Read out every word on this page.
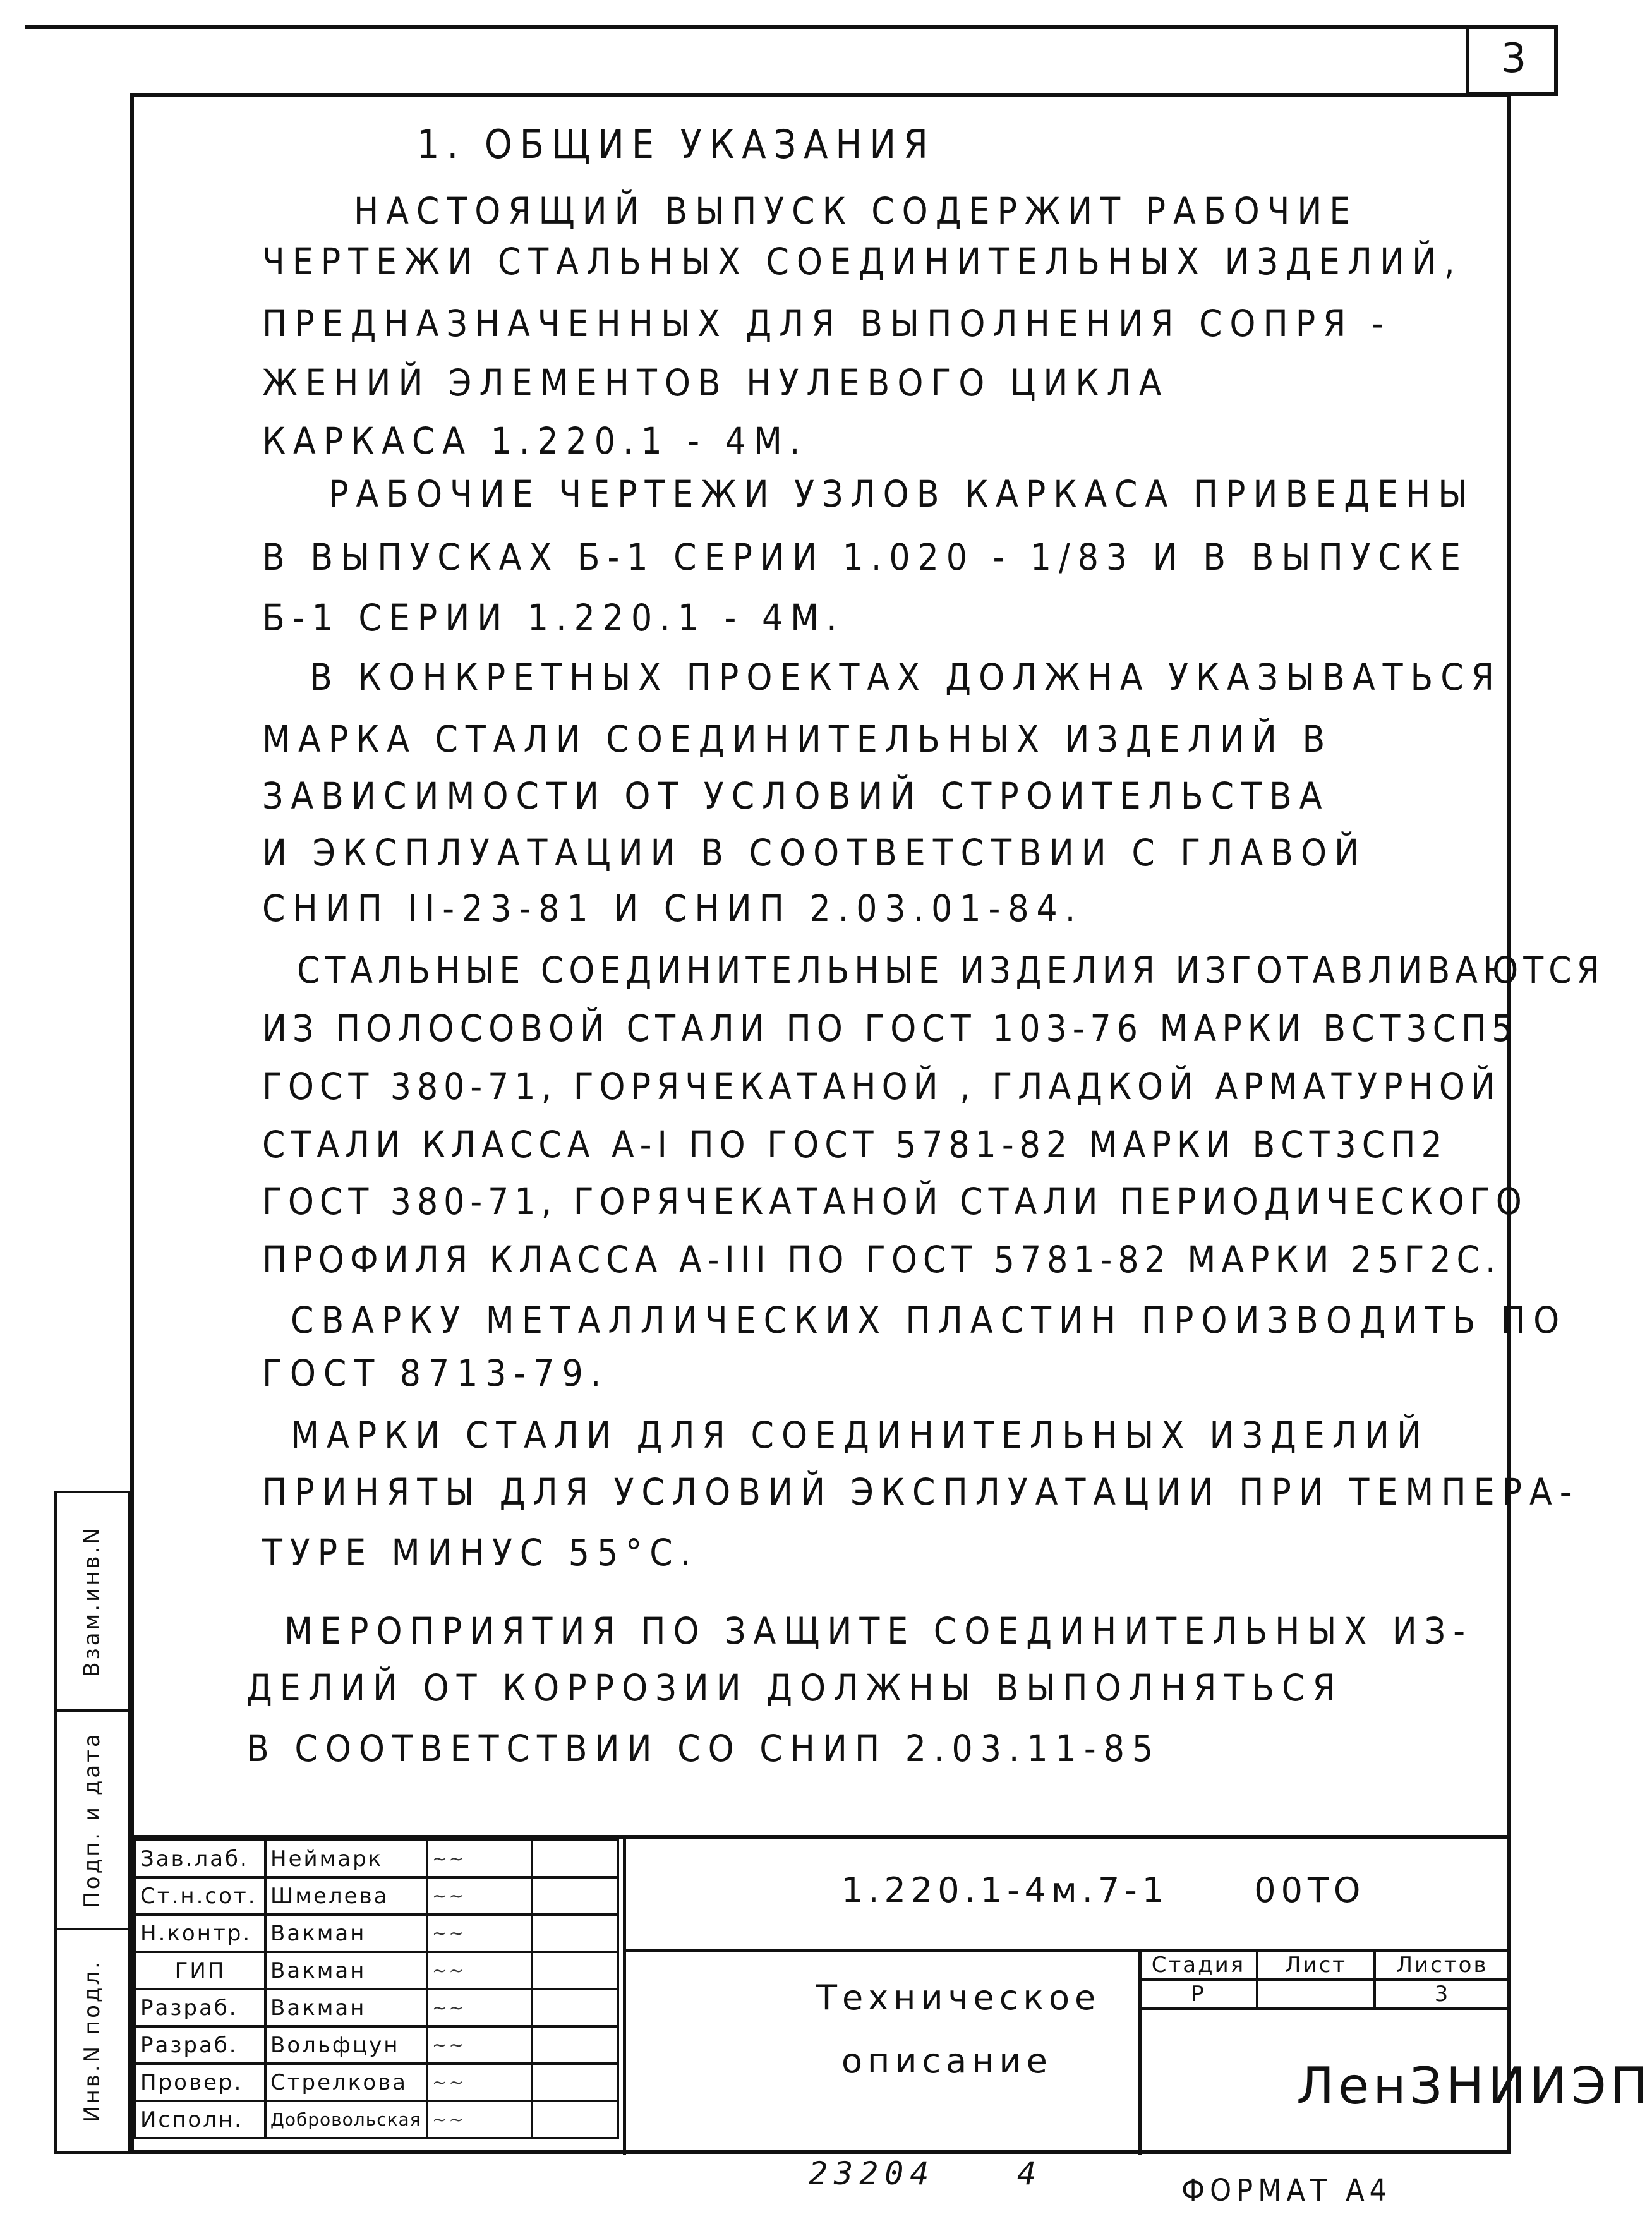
3
1. ОБЩИЕ УКАЗАНИЯ
НАСТОЯЩИЙ ВЫПУСК СОДЕРЖИТ РАБОЧИЕ
ЧЕРТЕЖИ СТАЛЬНЫХ СОЕДИНИТЕЛЬНЫХ ИЗДЕЛИЙ,
ПРЕДНАЗНАЧЕННЫХ ДЛЯ ВЫПОЛНЕНИЯ СОПРЯ -
ЖЕНИЙ ЭЛЕМЕНТОВ НУЛЕВОГО ЦИКЛА
КАРКАСА 1.220.1 - 4М.
РАБОЧИЕ ЧЕРТЕЖИ УЗЛОВ КАРКАСА ПРИВЕДЕНЫ
В ВЫПУСКАХ Б-1 СЕРИИ 1.020 - 1/83 И В ВЫПУСКЕ
Б-1 СЕРИИ 1.220.1 - 4М.
В КОНКРЕТНЫХ ПРОЕКТАХ ДОЛЖНА УКАЗЫВАТЬСЯ
МАРКА СТАЛИ СОЕДИНИТЕЛЬНЫХ ИЗДЕЛИЙ В
ЗАВИСИМОСТИ ОТ УСЛОВИЙ СТРОИТЕЛЬСТВА
И ЭКСПЛУАТАЦИИ В СООТВЕТСТВИИ С ГЛАВОЙ
СНИП II-23-81 И СНИП 2.03.01-84.
СТАЛЬНЫЕ СОЕДИНИТЕЛЬНЫЕ ИЗДЕЛИЯ ИЗГОТАВЛИВАЮТСЯ
ИЗ ПОЛОСОВОЙ СТАЛИ ПО ГОСТ 103-76 МАРКИ ВСТ3СП5
ГОСТ 380-71, ГОРЯЧЕКАТАНОЙ , ГЛАДКОЙ АРМАТУРНОЙ
СТАЛИ КЛАССА А-I ПО ГОСТ 5781-82 МАРКИ ВСТ3СП2
ГОСТ 380-71, ГОРЯЧЕКАТАНОЙ СТАЛИ ПЕРИОДИЧЕСКОГО
ПРОФИЛЯ КЛАССА А-III ПО ГОСТ 5781-82 МАРКИ 25Г2С.
СВАРКУ МЕТАЛЛИЧЕСКИХ ПЛАСТИН ПРОИЗВОДИТЬ ПО
ГОСТ 8713-79.
МАРКИ СТАЛИ ДЛЯ СОЕДИНИТЕЛЬНЫХ ИЗДЕЛИЙ
ПРИНЯТЫ ДЛЯ УСЛОВИЙ ЭКСПЛУАТАЦИИ ПРИ ТЕМПЕРА-
ТУРЕ МИНУС 55°С.
МЕРОПРИЯТИЯ ПО ЗАЩИТЕ СОЕДИНИТЕЛЬНЫХ ИЗ-
ДЕЛИЙ ОТ КОРРОЗИИ ДОЛЖНЫ ВЫПОЛНЯТЬСЯ
В СООТВЕТСТВИИ СО СНИП 2.03.11-85
Взам.инв.N
Подп. и дата
Инв.N подл.
Зав.лаб.	Неймарк	~~	
Ст.н.сот.	Шмелева	~~	
Н.контр.	Вакман	~~	
ГИП	Вакман	~~	
Разраб.	Вакман	~~	
Разраб.	Вольфцун	~~	
Провер.	Стрелкова	~~	
Исполн.	Добровольская	~~	
1.220.1-4м.7-1	00ТО
Техническое
описание
Стадия	Лист	Листов
Р		3
ЛенЗНИИЭП
23204	4	ФОРМАТ А4
